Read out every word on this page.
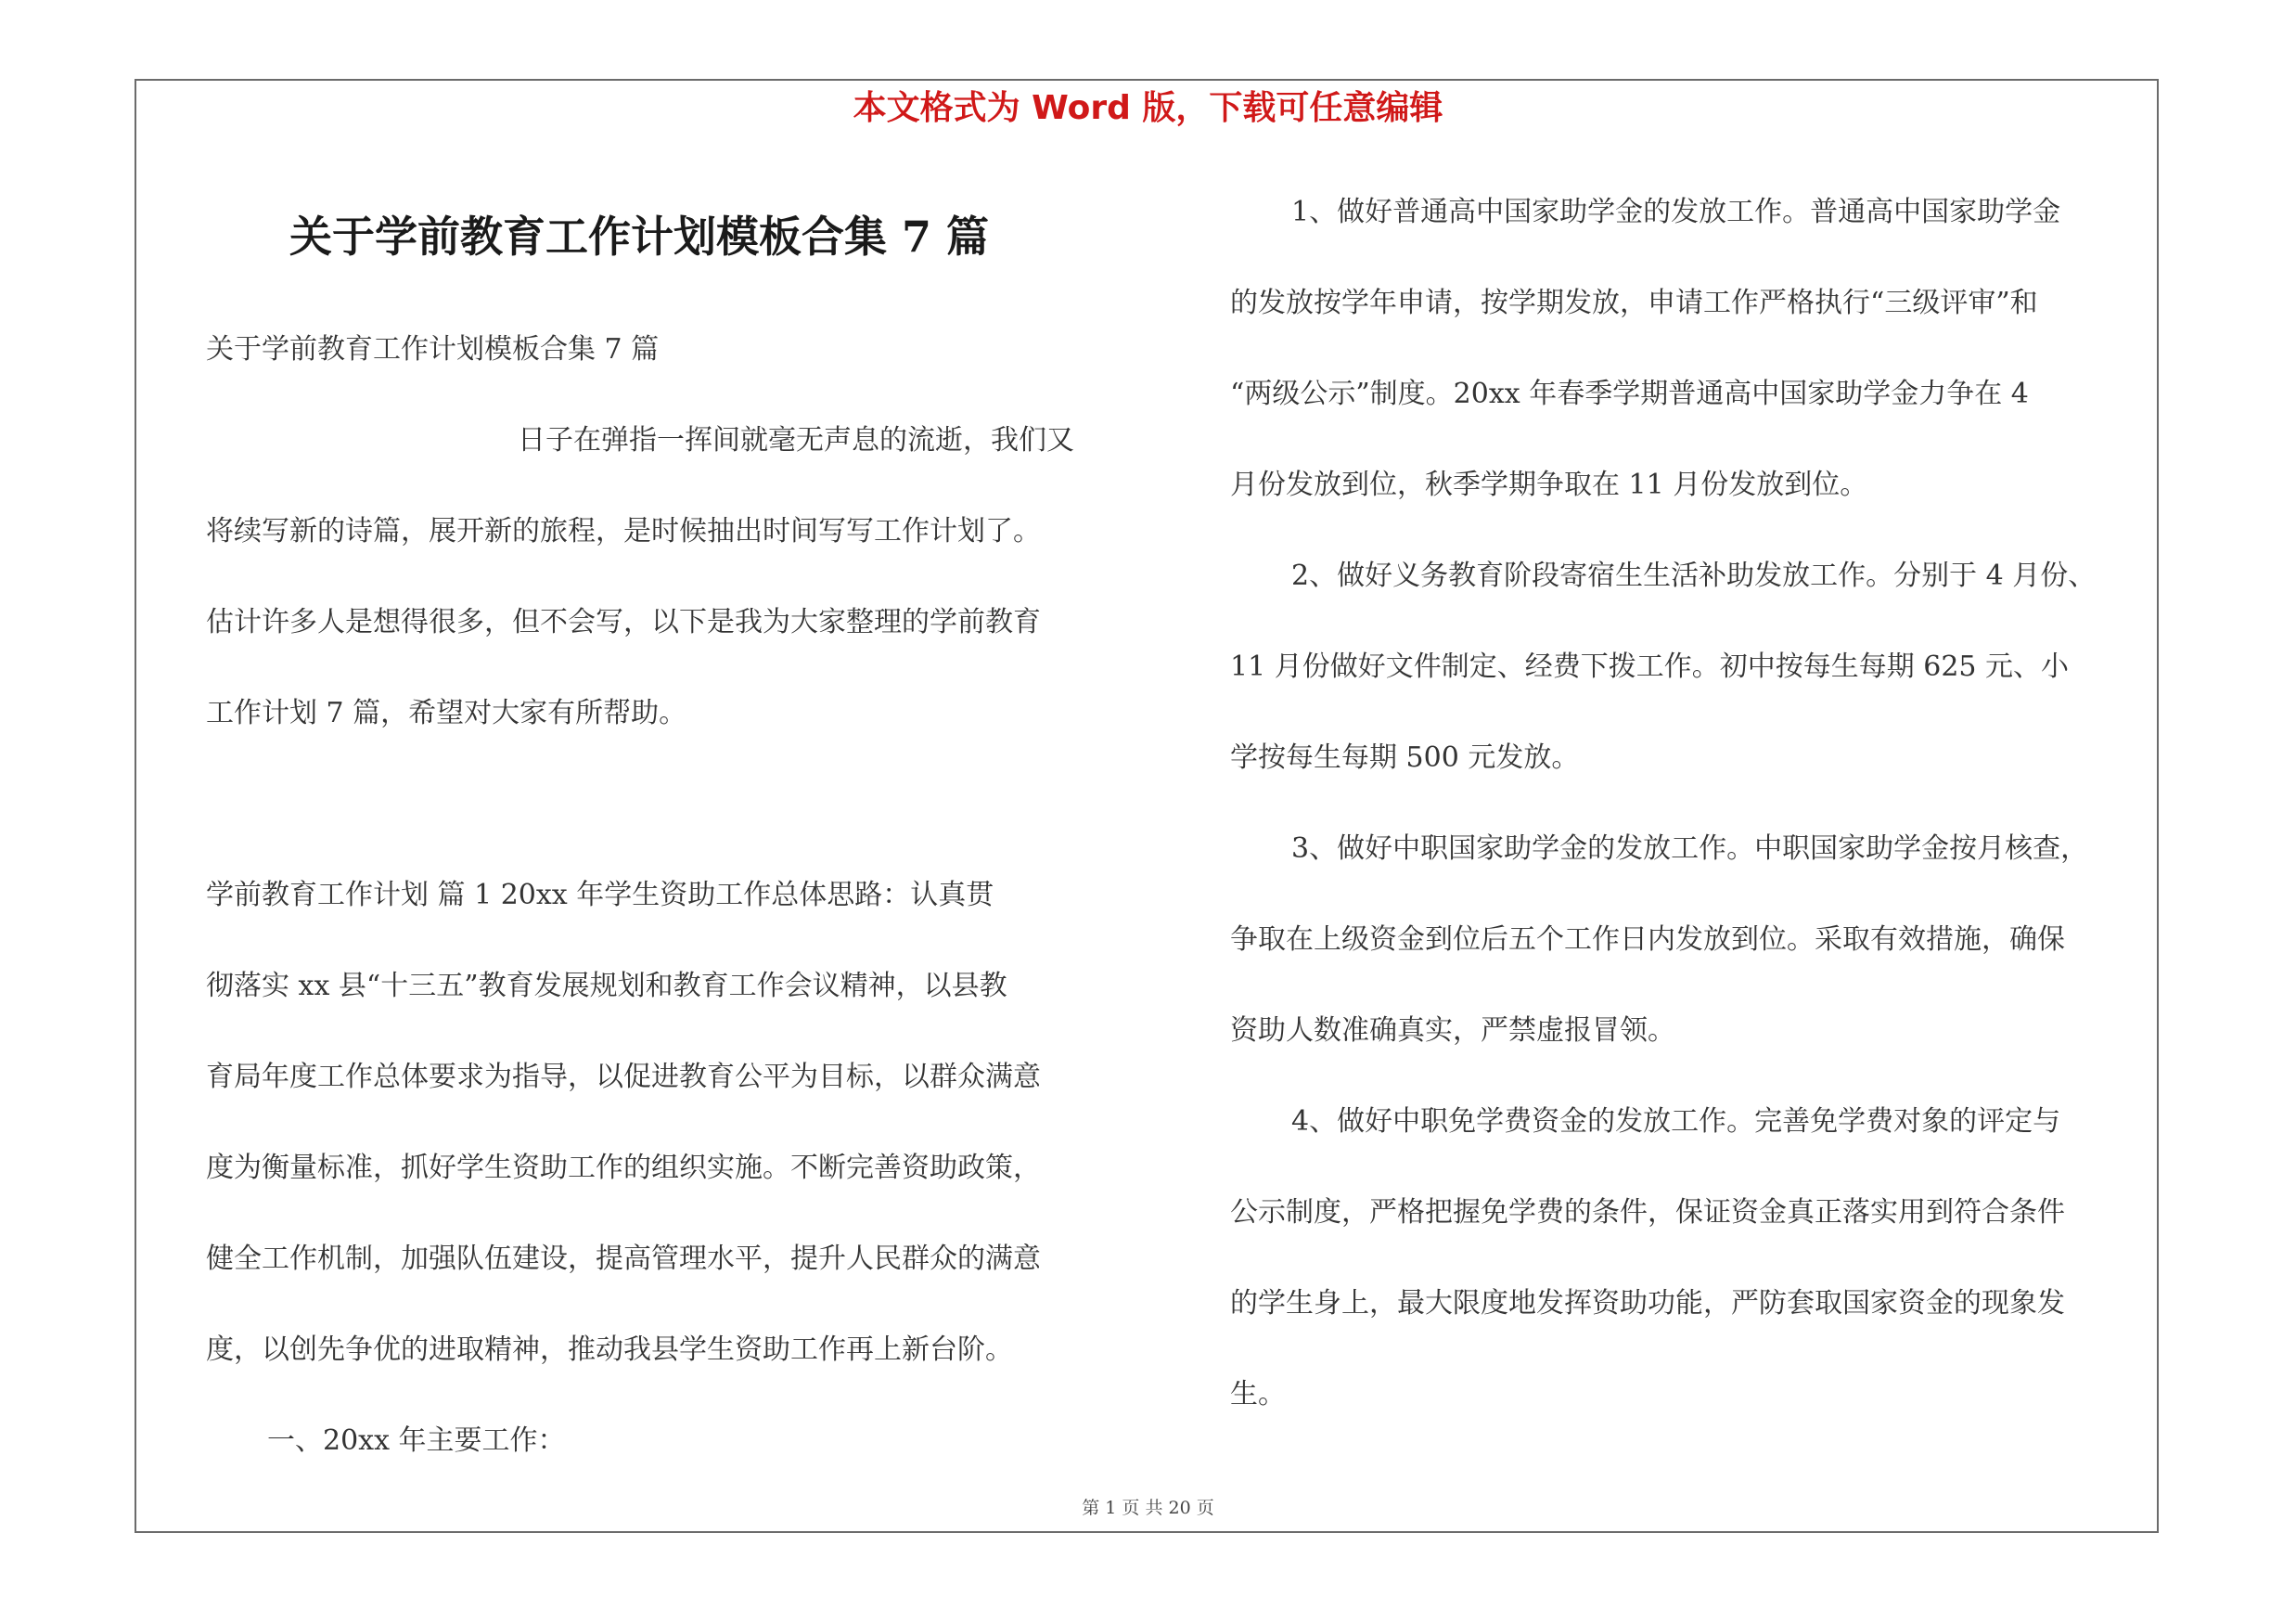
本文格式为 Word 版，下载可任意编辑
关于学前教育工作计划模板合集 7 篇
关于学前教育工作计划模板合集 7 篇
日子在弹指一挥间就毫无声息的流逝，我们又
将续写新的诗篇，展开新的旅程，是时候抽出时间写写工作计划了。
估计许多人是想得很多，但不会写，以下是我为大家整理的学前教育
工作计划 7 篇，希望对大家有所帮助。
学前教育工作计划 篇 1 20xx 年学生资助工作总体思路：认真贯
彻落实 xx 县“十三五”教育发展规划和教育工作会议精神，以县教
育局年度工作总体要求为指导，以促进教育公平为目标，以群众满意
度为衡量标准，抓好学生资助工作的组织实施。不断完善资助政策，
健全工作机制，加强队伍建设，提高管理水平，提升人民群众的满意
度，以创先争优的进取精神，推动我县学生资助工作再上新台阶。
一、20xx 年主要工作：
1、做好普通高中国家助学金的发放工作。普通高中国家助学金
的发放按学年申请，按学期发放，申请工作严格执行“三级评审”和
“两级公示”制度。20xx 年春季学期普通高中国家助学金力争在 4
月份发放到位，秋季学期争取在 11 月份发放到位。
2、做好义务教育阶段寄宿生生活补助发放工作。分别于 4 月份、
11 月份做好文件制定、经费下拨工作。初中按每生每期 625 元、小
学按每生每期 500 元发放。
3、做好中职国家助学金的发放工作。中职国家助学金按月核查，
争取在上级资金到位后五个工作日内发放到位。采取有效措施，确保
资助人数准确真实，严禁虚报冒领。
4、做好中职免学费资金的发放工作。完善免学费对象的评定与
公示制度，严格把握免学费的条件，保证资金真正落实用到符合条件
的学生身上，最大限度地发挥资助功能，严防套取国家资金的现象发
生。
第 1 页 共 20 页
